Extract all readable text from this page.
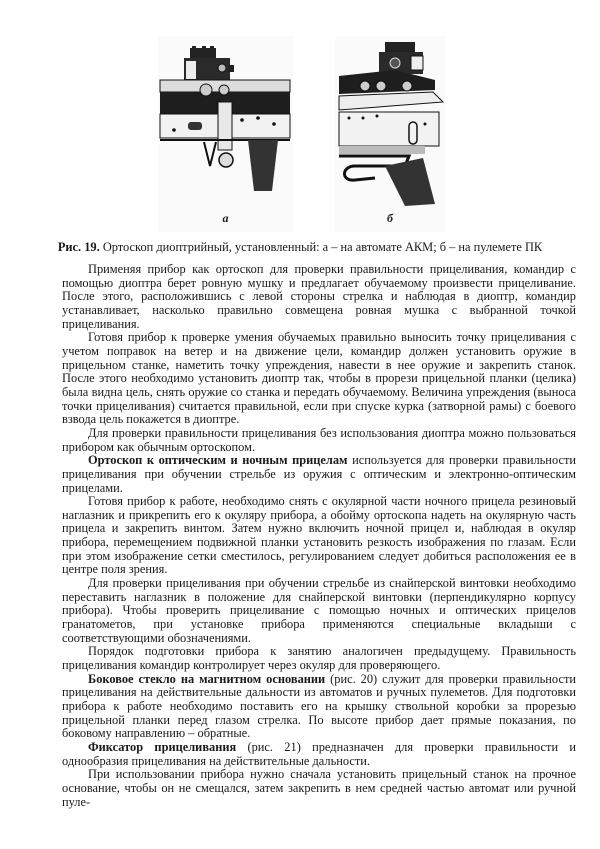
а	б
Рис. 19. Ортоскоп диоптрийный, установленный: а – на автомате АКМ; б – на пулемете ПК

Применяя прибор как ортоскоп для проверки правильности прицеливания, командир с помощью диоптра берет ровную мушку и предлагает обучаемому произвести прицеливание. После этого, расположившись с левой стороны стрелка и наблюдая в диоптр, командир устанавливает, насколько правильно совмещена ровная мушка с выбранной точкой прицеливания.

Готовя прибор к проверке умения обучаемых правильно выносить точку прицеливания с учетом поправок на ветер и на движение цели, командир должен установить оружие в прицельном станке, наметить точку упреждения, навести в нее оружие и закрепить станок. После этого необходимо установить диоптр так, чтобы в прорези прицельной планки (целика) была видна цель, снять оружие со станка и передать обучаемому. Величина упреждения (выноса точки прицеливания) считается правильной, если при спуске курка (затворной рамы) с боевого взвода цель покажется в диоптре.

Для проверки правильности прицеливания без использования диоптра можно пользоваться прибором как обычным ортоскопом.

Ортоскоп к оптическим и ночным прицелам используется для проверки правильности прицеливания при обучении стрельбе из оружия с оптическим и электронно-оптическим прицелами.

Готовя прибор к работе, необходимо снять с окулярной части ночного прицела резиновый наглазник и прикрепить его к окуляру прибора, а обойму ортоскопа надеть на окулярную часть прицела и закрепить винтом. Затем нужно включить ночной прицел и, наблюдая в окуляр прибора, перемещением подвижной планки установить резкость изображения по глазам. Если при этом изображение сетки сместилось, регулированием следует добиться расположения ее в центре поля зрения.

Для проверки прицеливания при обучении стрельбе из снайперской винтовки необходимо переставить наглазник в положение для снайперской винтовки (перпендикулярно корпусу прибора). Чтобы проверить прицеливание с помощью ночных и оптических прицелов гранатометов, при установке прибора применяются специальные вкладыши с соответствующими обозначениями.

Порядок подготовки прибора к занятию аналогичен предыдущему. Правильность прицеливания командир контролирует через окуляр для проверяющего.

Боковое стекло на магнитном основании (рис. 20) служит для проверки правильности прицеливания на действительные дальности из автоматов и ручных пулеметов. Для подготовки прибора к работе необходимо поставить его на крышку ствольной коробки за прорезью прицельной планки перед глазом стрелка. По высоте прибор дает прямые показания, по боковому направлению – обратные.

Фиксатор прицеливания (рис. 21) предназначен для проверки правильности и однообразия прицеливания на действительные дальности.

При использовании прибора нужно сначала установить прицельный станок на прочное основание, чтобы он не смещался, затем закрепить в нем средней частью автомат или ручной пуле-
